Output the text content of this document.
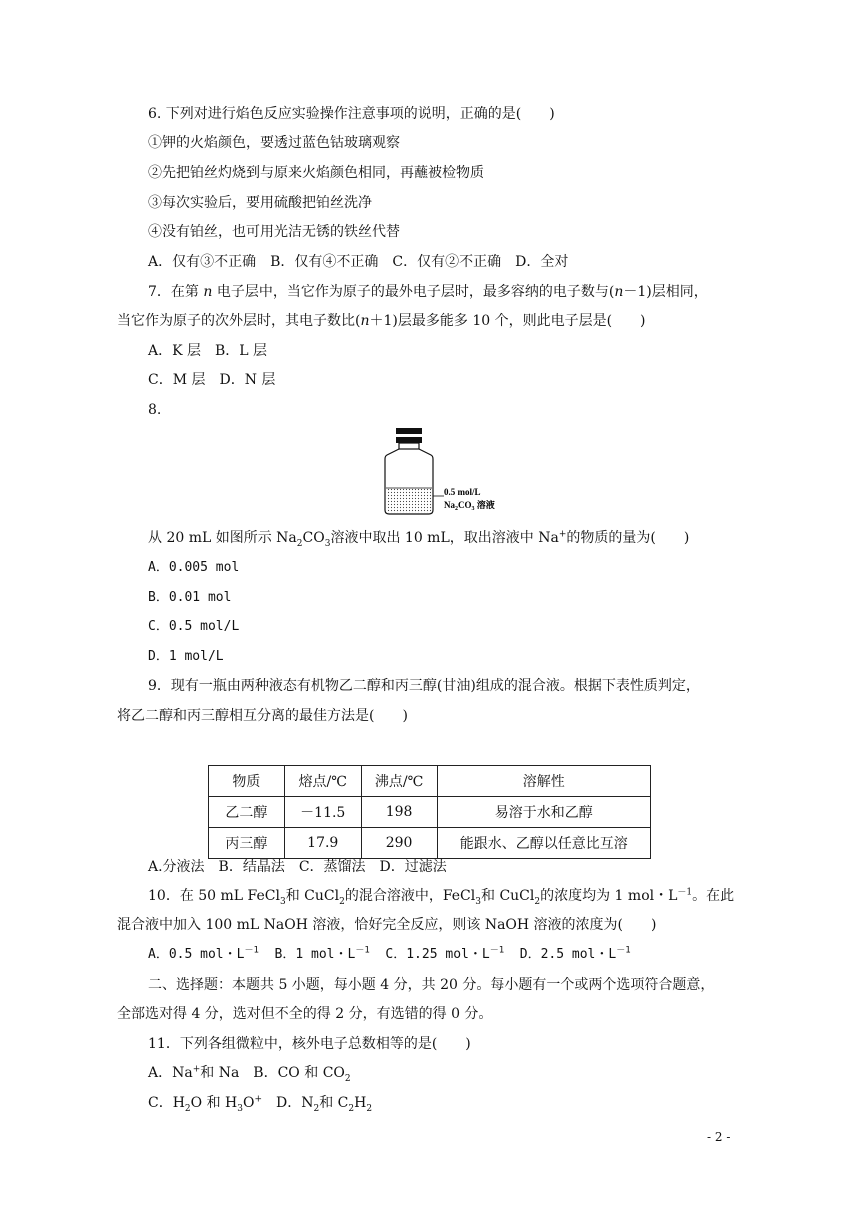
6. 下列对进行焰色反应实验操作注意事项的说明，正确的是(　　)
①钾的火焰颜色，要透过蓝色钴玻璃观察
②先把铂丝灼烧到与原来火焰颜色相同，再蘸被检物质
③每次实验后，要用硫酸把铂丝洗净
④没有铂丝，也可用光洁无锈的铁丝代替
A．仅有③不正确　B．仅有④不正确　C．仅有②不正确　D．全对
7．在第 n 电子层中，当它作为原子的最外电子层时，最多容纳的电子数与(n－1)层相同，
当它作为原子的次外层时，其电子数比(n＋1)层最多能多 10 个，则此电子层是(　　)
A．K 层　B．L 层
C．M 层　D．N 层
8.
0.5 mol/L
$Na_2CO_3$ 溶液
从 20 mL 如图所示 $Na_2CO_3$溶液中取出 10 mL，取出溶液中 Na+的物质的量为(　　)
A．0.005 mol
B．0.01 mol
C．0.5 mol/L
D．1 mol/L
9．现有一瓶由两种液态有机物乙二醇和丙三醇(甘油)组成的混合液。根据下表性质判定，
将乙二醇和丙三醇相互分离的最佳方法是(　　)
物质	熔点/℃	沸点/℃	溶解性
乙二醇	－11.5	198	易溶于水和乙醇
丙三醇	17.9	290	能跟水、乙醇以任意比互溶
A.分液法　B．结晶法　C．蒸馏法　D．过滤法
10．在 50 mL FeCl$_3$和 CuCl$_2$的混合溶液中，FeCl$_3$和 CuCl$_2$的浓度均为 1 mol・$L^{-1}$。在此
混合液中加入 100 mL NaOH 溶液，恰好完全反应，则该 NaOH 溶液的浓度为(　　)
A．0.5 mol・$L^{-1}$ B．1 mol・$L^{-1}$ C．1.25 mol・$L^{-1}$ D．2.5 mol・$L^{-1}$
二、选择题：本题共 5 小题，每小题 4 分，共 20 分。每小题有一个或两个选项符合题意，
全部选对得 4 分，选对但不全的得 2 分，有选错的得 0 分。
11．下列各组微粒中，核外电子总数相等的是(　　)
A．Na+和 Na　B．CO 和 $CO_2$
C．$H_2O$ 和 $H_3O^+$　D．$N_2$和 $C_2H_2$
- 2 -
